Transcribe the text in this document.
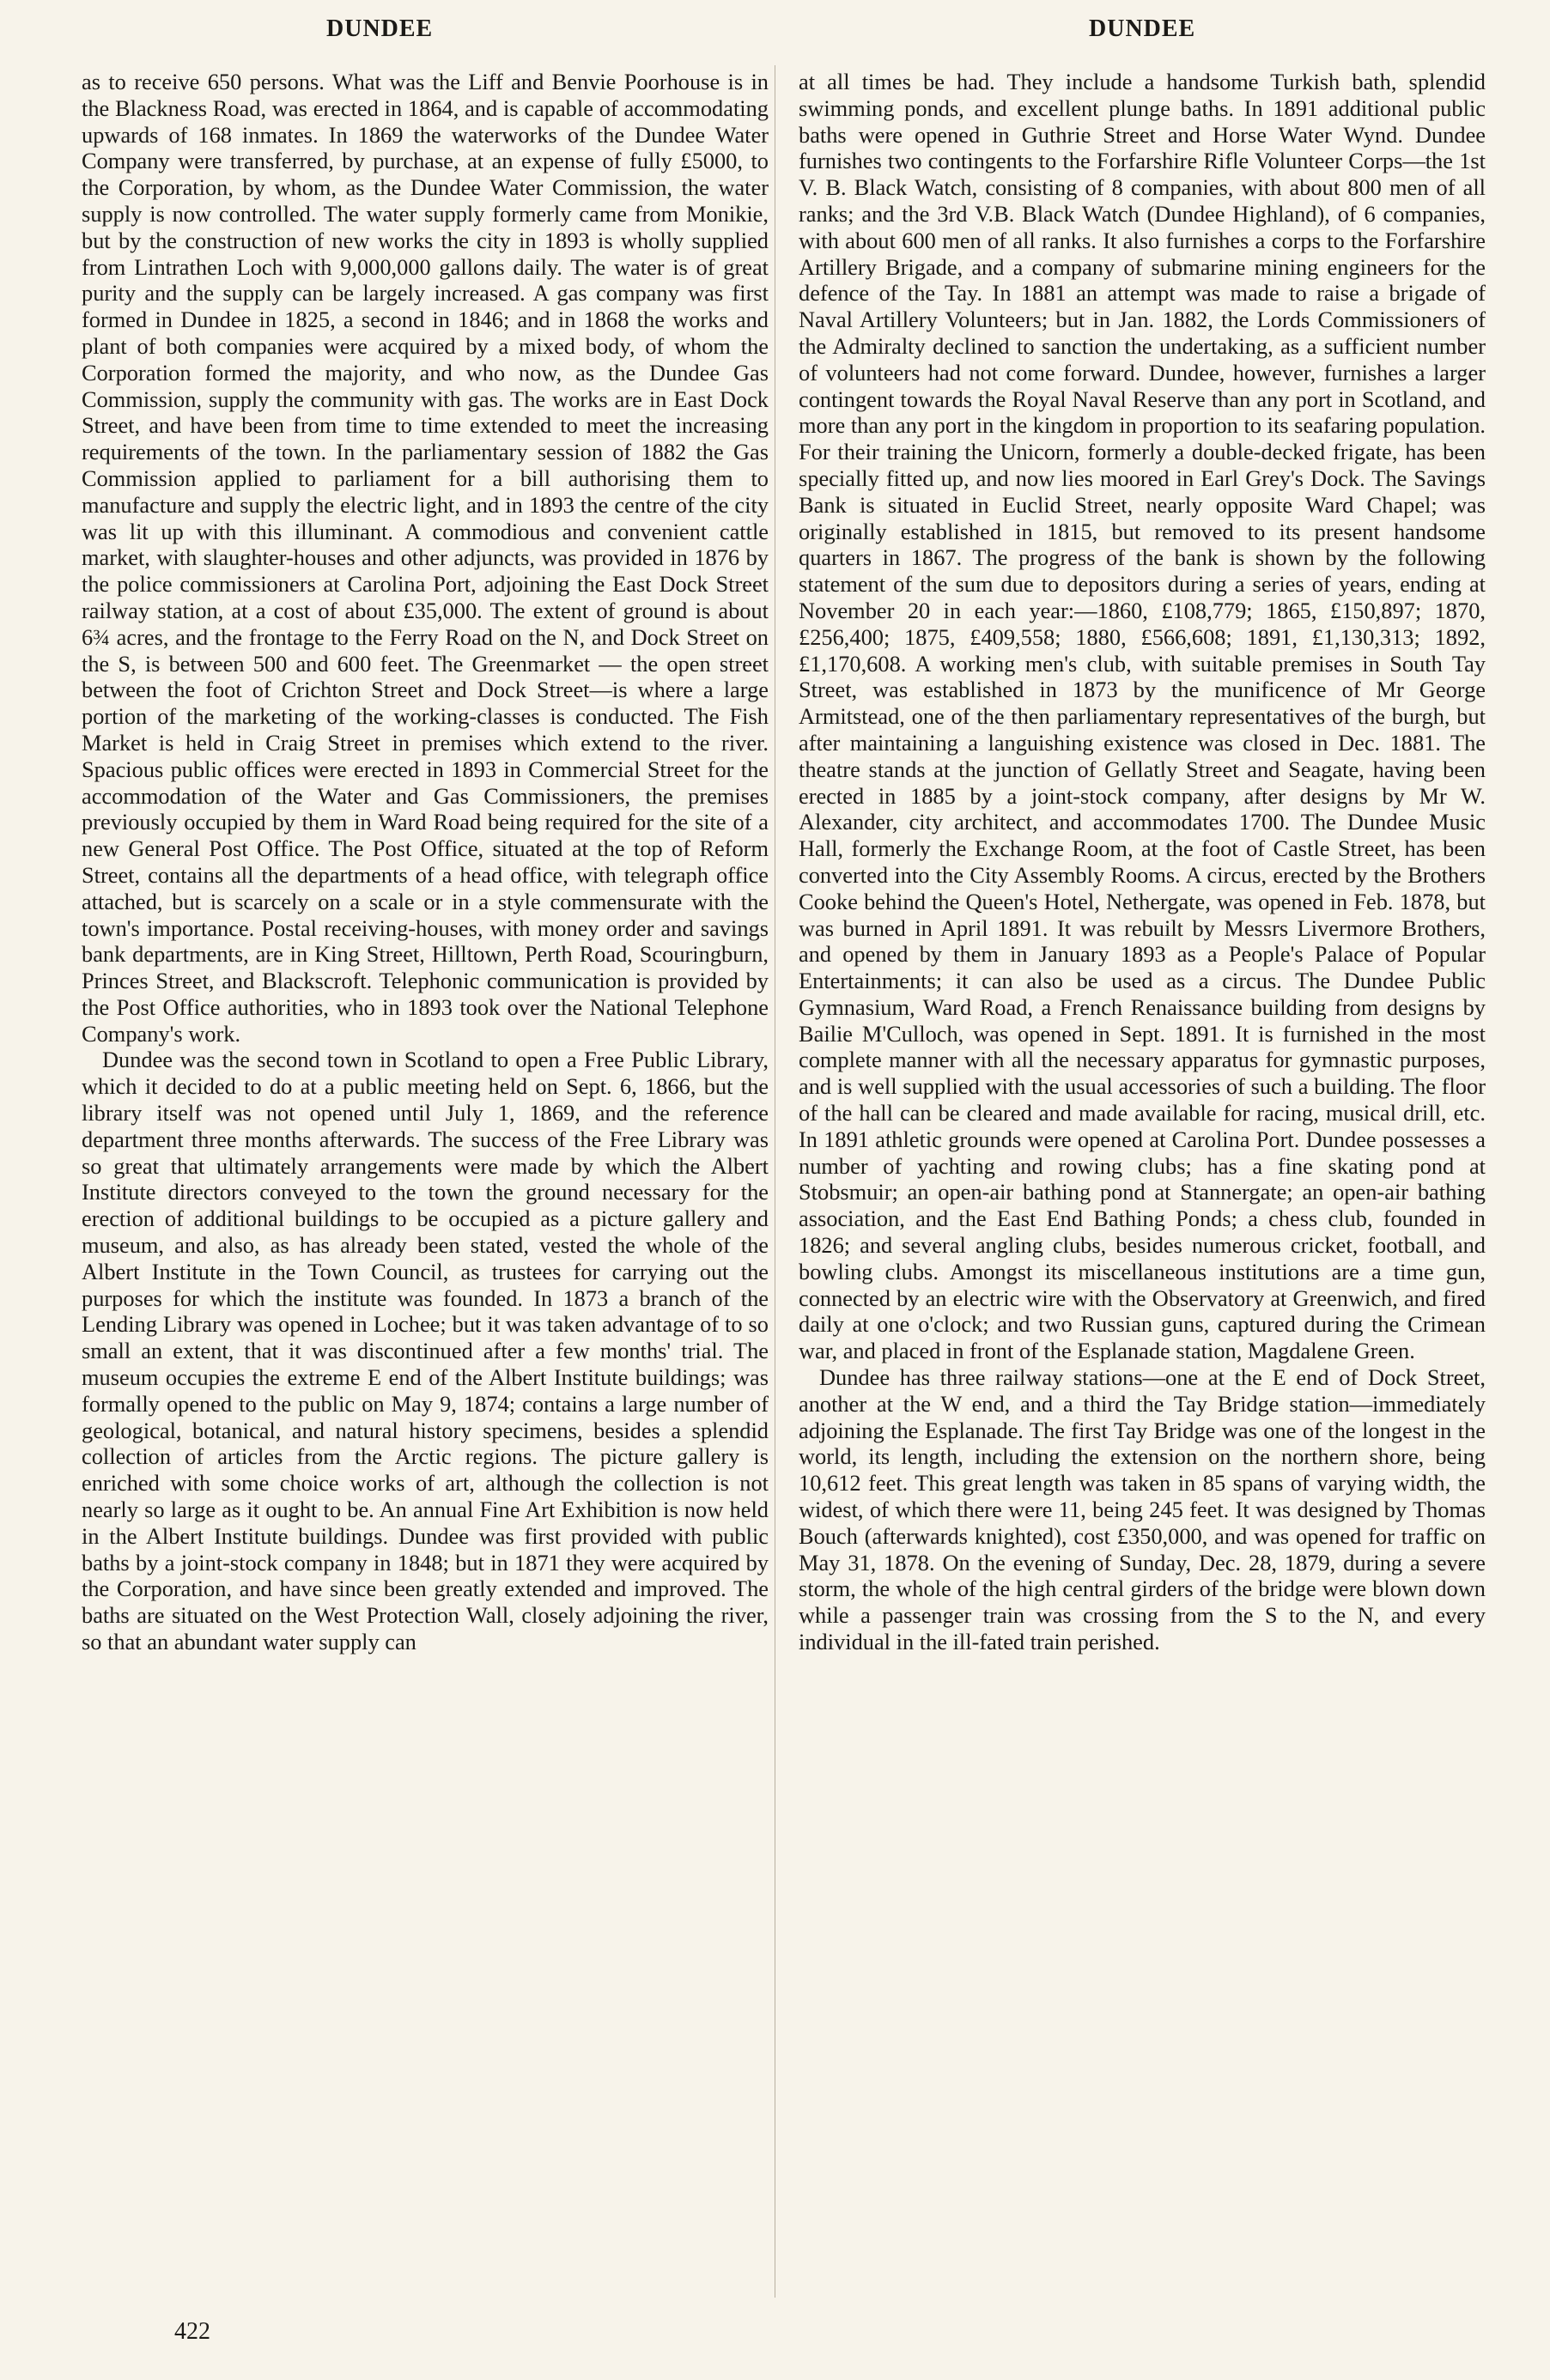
DUNDEE	DUNDEE

as to receive 650 persons. What was the Liff and Benvie Poorhouse is in the Blackness Road, was erected in 1864, and is capable of accommodating upwards of 168 inmates. In 1869 the waterworks of the Dundee Water Company were transferred, by purchase, at an expense of fully £5000, to the Corporation, by whom, as the Dundee Water Commission, the water supply is now controlled. The water supply formerly came from Monikie, but by the construction of new works the city in 1893 is wholly supplied from Lintrathen Loch with 9,000,000 gallons daily. The water is of great purity and the supply can be largely increased. A gas company was first formed in Dundee in 1825, a second in 1846; and in 1868 the works and plant of both companies were acquired by a mixed body, of whom the Corporation formed the majority, and who now, as the Dundee Gas Commission, supply the community with gas. The works are in East Dock Street, and have been from time to time extended to meet the increasing requirements of the town. In the parliamentary session of 1882 the Gas Commission applied to parliament for a bill authorising them to manufacture and supply the electric light, and in 1893 the centre of the city was lit up with this illuminant. A commodious and convenient cattle market, with slaughter-houses and other adjuncts, was provided in 1876 by the police commissioners at Carolina Port, adjoining the East Dock Street railway station, at a cost of about £35,000. The extent of ground is about 6¾ acres, and the frontage to the Ferry Road on the N, and Dock Street on the S, is between 500 and 600 feet. The Greenmarket — the open street between the foot of Crichton Street and Dock Street—is where a large portion of the marketing of the working-classes is conducted. The Fish Market is held in Craig Street in premises which extend to the river. Spacious public offices were erected in 1893 in Commercial Street for the accommodation of the Water and Gas Commissioners, the premises previously occupied by them in Ward Road being required for the site of a new General Post Office. The Post Office, situated at the top of Reform Street, contains all the departments of a head office, with telegraph office attached, but is scarcely on a scale or in a style commensurate with the town's importance. Postal receiving-houses, with money order and savings bank departments, are in King Street, Hilltown, Perth Road, Scouringburn, Princes Street, and Blackscroft. Telephonic communication is provided by the Post Office authorities, who in 1893 took over the National Telephone Company's work.

Dundee was the second town in Scotland to open a Free Public Library, which it decided to do at a public meeting held on Sept. 6, 1866, but the library itself was not opened until July 1, 1869, and the reference department three months afterwards. The success of the Free Library was so great that ultimately arrangements were made by which the Albert Institute directors conveyed to the town the ground necessary for the erection of additional buildings to be occupied as a picture gallery and museum, and also, as has already been stated, vested the whole of the Albert Institute in the Town Council, as trustees for carrying out the purposes for which the institute was founded. In 1873 a branch of the Lending Library was opened in Lochee; but it was taken advantage of to so small an extent, that it was discontinued after a few months' trial. The museum occupies the extreme E end of the Albert Institute buildings; was formally opened to the public on May 9, 1874; contains a large number of geological, botanical, and natural history specimens, besides a splendid collection of articles from the Arctic regions. The picture gallery is enriched with some choice works of art, although the collection is not nearly so large as it ought to be. An annual Fine Art Exhibition is now held in the Albert Institute buildings. Dundee was first provided with public baths by a joint-stock company in 1848; but in 1871 they were acquired by the Corporation, and have since been greatly extended and improved. The baths are situated on the West Protection Wall, closely adjoining the river, so that an abundant water supply can

at all times be had. They include a handsome Turkish bath, splendid swimming ponds, and excellent plunge baths. In 1891 additional public baths were opened in Guthrie Street and Horse Water Wynd. Dundee furnishes two contingents to the Forfarshire Rifle Volunteer Corps—the 1st V. B. Black Watch, consisting of 8 companies, with about 800 men of all ranks; and the 3rd V.B. Black Watch (Dundee Highland), of 6 companies, with about 600 men of all ranks. It also furnishes a corps to the Forfarshire Artillery Brigade, and a company of submarine mining engineers for the defence of the Tay. In 1881 an attempt was made to raise a brigade of Naval Artillery Volunteers; but in Jan. 1882, the Lords Commissioners of the Admiralty declined to sanction the undertaking, as a sufficient number of volunteers had not come forward. Dundee, however, furnishes a larger contingent towards the Royal Naval Reserve than any port in Scotland, and more than any port in the kingdom in proportion to its seafaring population. For their training the Unicorn, formerly a double-decked frigate, has been specially fitted up, and now lies moored in Earl Grey's Dock. The Savings Bank is situated in Euclid Street, nearly opposite Ward Chapel; was originally established in 1815, but removed to its present handsome quarters in 1867. The progress of the bank is shown by the following statement of the sum due to depositors during a series of years, ending at November 20 in each year:—1860, £108,779; 1865, £150,897; 1870, £256,400; 1875, £409,558; 1880, £566,608; 1891, £1,130,313; 1892, £1,170,608. A working men's club, with suitable premises in South Tay Street, was established in 1873 by the munificence of Mr George Armitstead, one of the then parliamentary representatives of the burgh, but after maintaining a languishing existence was closed in Dec. 1881. The theatre stands at the junction of Gellatly Street and Seagate, having been erected in 1885 by a joint-stock company, after designs by Mr W. Alexander, city architect, and accommodates 1700. The Dundee Music Hall, formerly the Exchange Room, at the foot of Castle Street, has been converted into the City Assembly Rooms. A circus, erected by the Brothers Cooke behind the Queen's Hotel, Nethergate, was opened in Feb. 1878, but was burned in April 1891. It was rebuilt by Messrs Livermore Brothers, and opened by them in January 1893 as a People's Palace of Popular Entertainments; it can also be used as a circus. The Dundee Public Gymnasium, Ward Road, a French Renaissance building from designs by Bailie M'Culloch, was opened in Sept. 1891. It is furnished in the most complete manner with all the necessary apparatus for gymnastic purposes, and is well supplied with the usual accessories of such a building. The floor of the hall can be cleared and made available for racing, musical drill, etc. In 1891 athletic grounds were opened at Carolina Port. Dundee possesses a number of yachting and rowing clubs; has a fine skating pond at Stobsmuir; an open-air bathing pond at Stannergate; an open-air bathing association, and the East End Bathing Ponds; a chess club, founded in 1826; and several angling clubs, besides numerous cricket, football, and bowling clubs. Amongst its miscellaneous institutions are a time gun, connected by an electric wire with the Observatory at Greenwich, and fired daily at one o'clock; and two Russian guns, captured during the Crimean war, and placed in front of the Esplanade station, Magdalene Green.

Dundee has three railway stations—one at the E end of Dock Street, another at the W end, and a third the Tay Bridge station—immediately adjoining the Esplanade. The first Tay Bridge was one of the longest in the world, its length, including the extension on the northern shore, being 10,612 feet. This great length was taken in 85 spans of varying width, the widest, of which there were 11, being 245 feet. It was designed by Thomas Bouch (afterwards knighted), cost £350,000, and was opened for traffic on May 31, 1878. On the evening of Sunday, Dec. 28, 1879, during a severe storm, the whole of the high central girders of the bridge were blown down while a passenger train was crossing from the S to the N, and every individual in the ill-fated train perished.

422
